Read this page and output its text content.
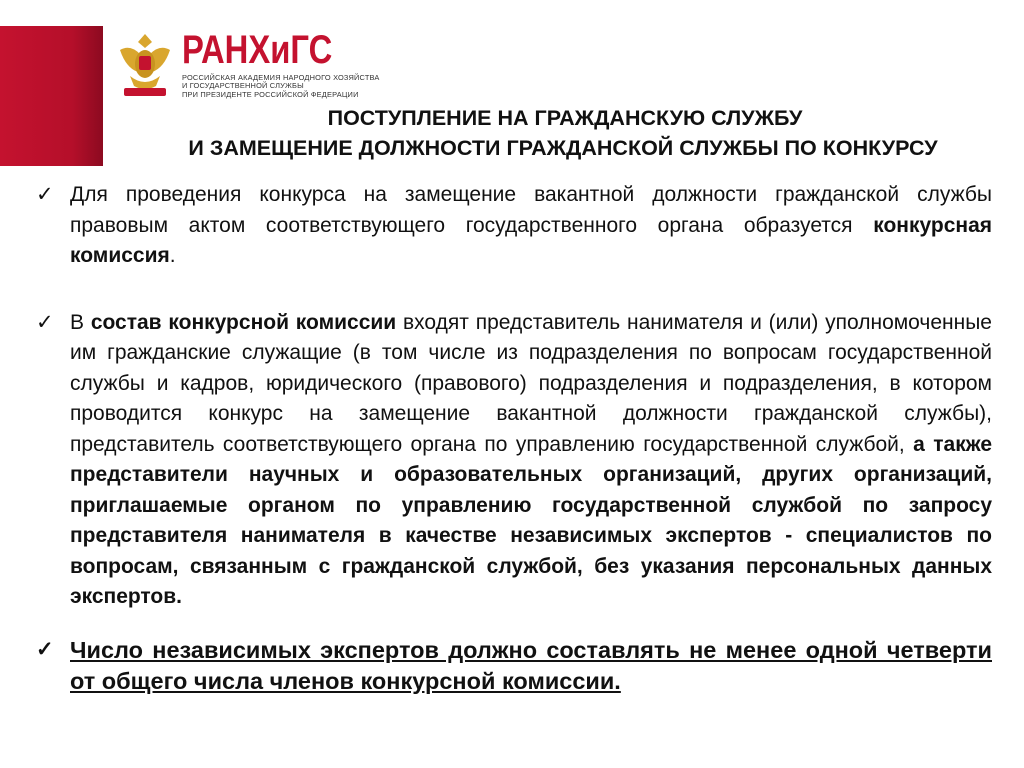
РАНХиГС
РОССИЙСКАЯ АКАДЕМИЯ НАРОДНОГО ХОЗЯЙСТВА
И ГОСУДАРСТВЕННОЙ СЛУЖБЫ
ПРИ ПРЕЗИДЕНТЕ РОССИЙСКОЙ ФЕДЕРАЦИИ
ПОСТУПЛЕНИЕ НА ГРАЖДАНСКУЮ СЛУЖБУ
И ЗАМЕЩЕНИЕ ДОЛЖНОСТИ ГРАЖДАНСКОЙ СЛУЖБЫ ПО КОНКУРСУ
✓ Для проведения конкурса на замещение вакантной должности гражданской службы правовым актом соответствующего государственного органа образуется конкурсная комиссия.
✓ В состав конкурсной комиссии входят представитель нанимателя и (или) уполномоченные им гражданские служащие (в том числе из подразделения по вопросам государственной службы и кадров, юридического (правового) подразделения и подразделения, в котором проводится конкурс на замещение вакантной должности гражданской службы), представитель соответствующего органа по управлению государственной службой, а также представители научных и образовательных организаций, других организаций, приглашаемые органом по управлению государственной службой по запросу представителя нанимателя в качестве независимых экспертов - специалистов по вопросам, связанным с гражданской службой, без указания персональных данных экспертов.
✓ Число независимых экспертов должно составлять не менее одной четверти от общего числа членов конкурсной комиссии.
